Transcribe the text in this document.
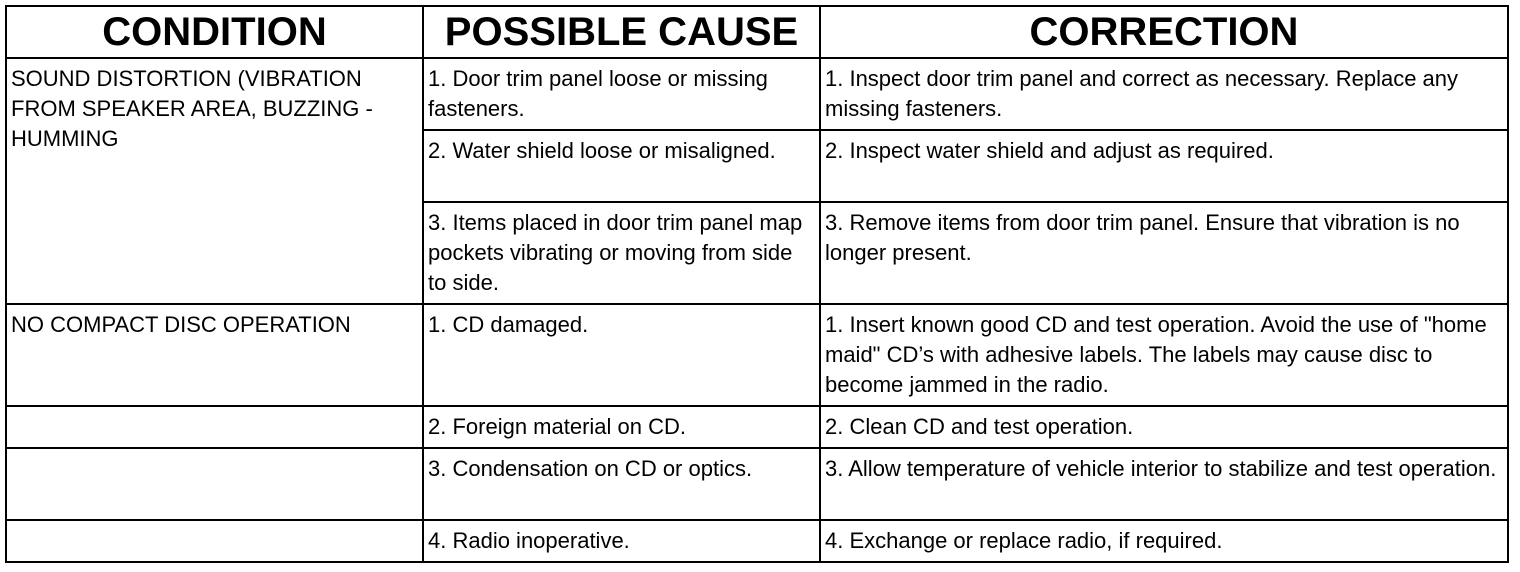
CONDITION	POSSIBLE CAUSE	CORRECTION

SOUND DISTORTION (VIBRATION FROM SPEAKER AREA, BUZZING - HUMMING	1. Door trim panel loose or missing fasteners.	1. Inspect door trim panel and correct as necessary. Replace any missing fasteners.

	2. Water shield loose or misaligned.	2. Inspect water shield and adjust as required.

	3. Items placed in door trim panel map pockets vibrating or moving from side to side.	3. Remove items from door trim panel. Ensure that vibration is no longer present.

NO COMPACT DISC OPERATION	1. CD damaged.	1. Insert known good CD and test operation. Avoid the use of "home maid" CD’s with adhesive labels. The labels may cause disc to become jammed in the radio.

	2. Foreign material on CD.	2. Clean CD and test operation.

	3. Condensation on CD or optics.	3. Allow temperature of vehicle interior to stabilize and test operation.

	4. Radio inoperative.	4. Exchange or replace radio, if required.
